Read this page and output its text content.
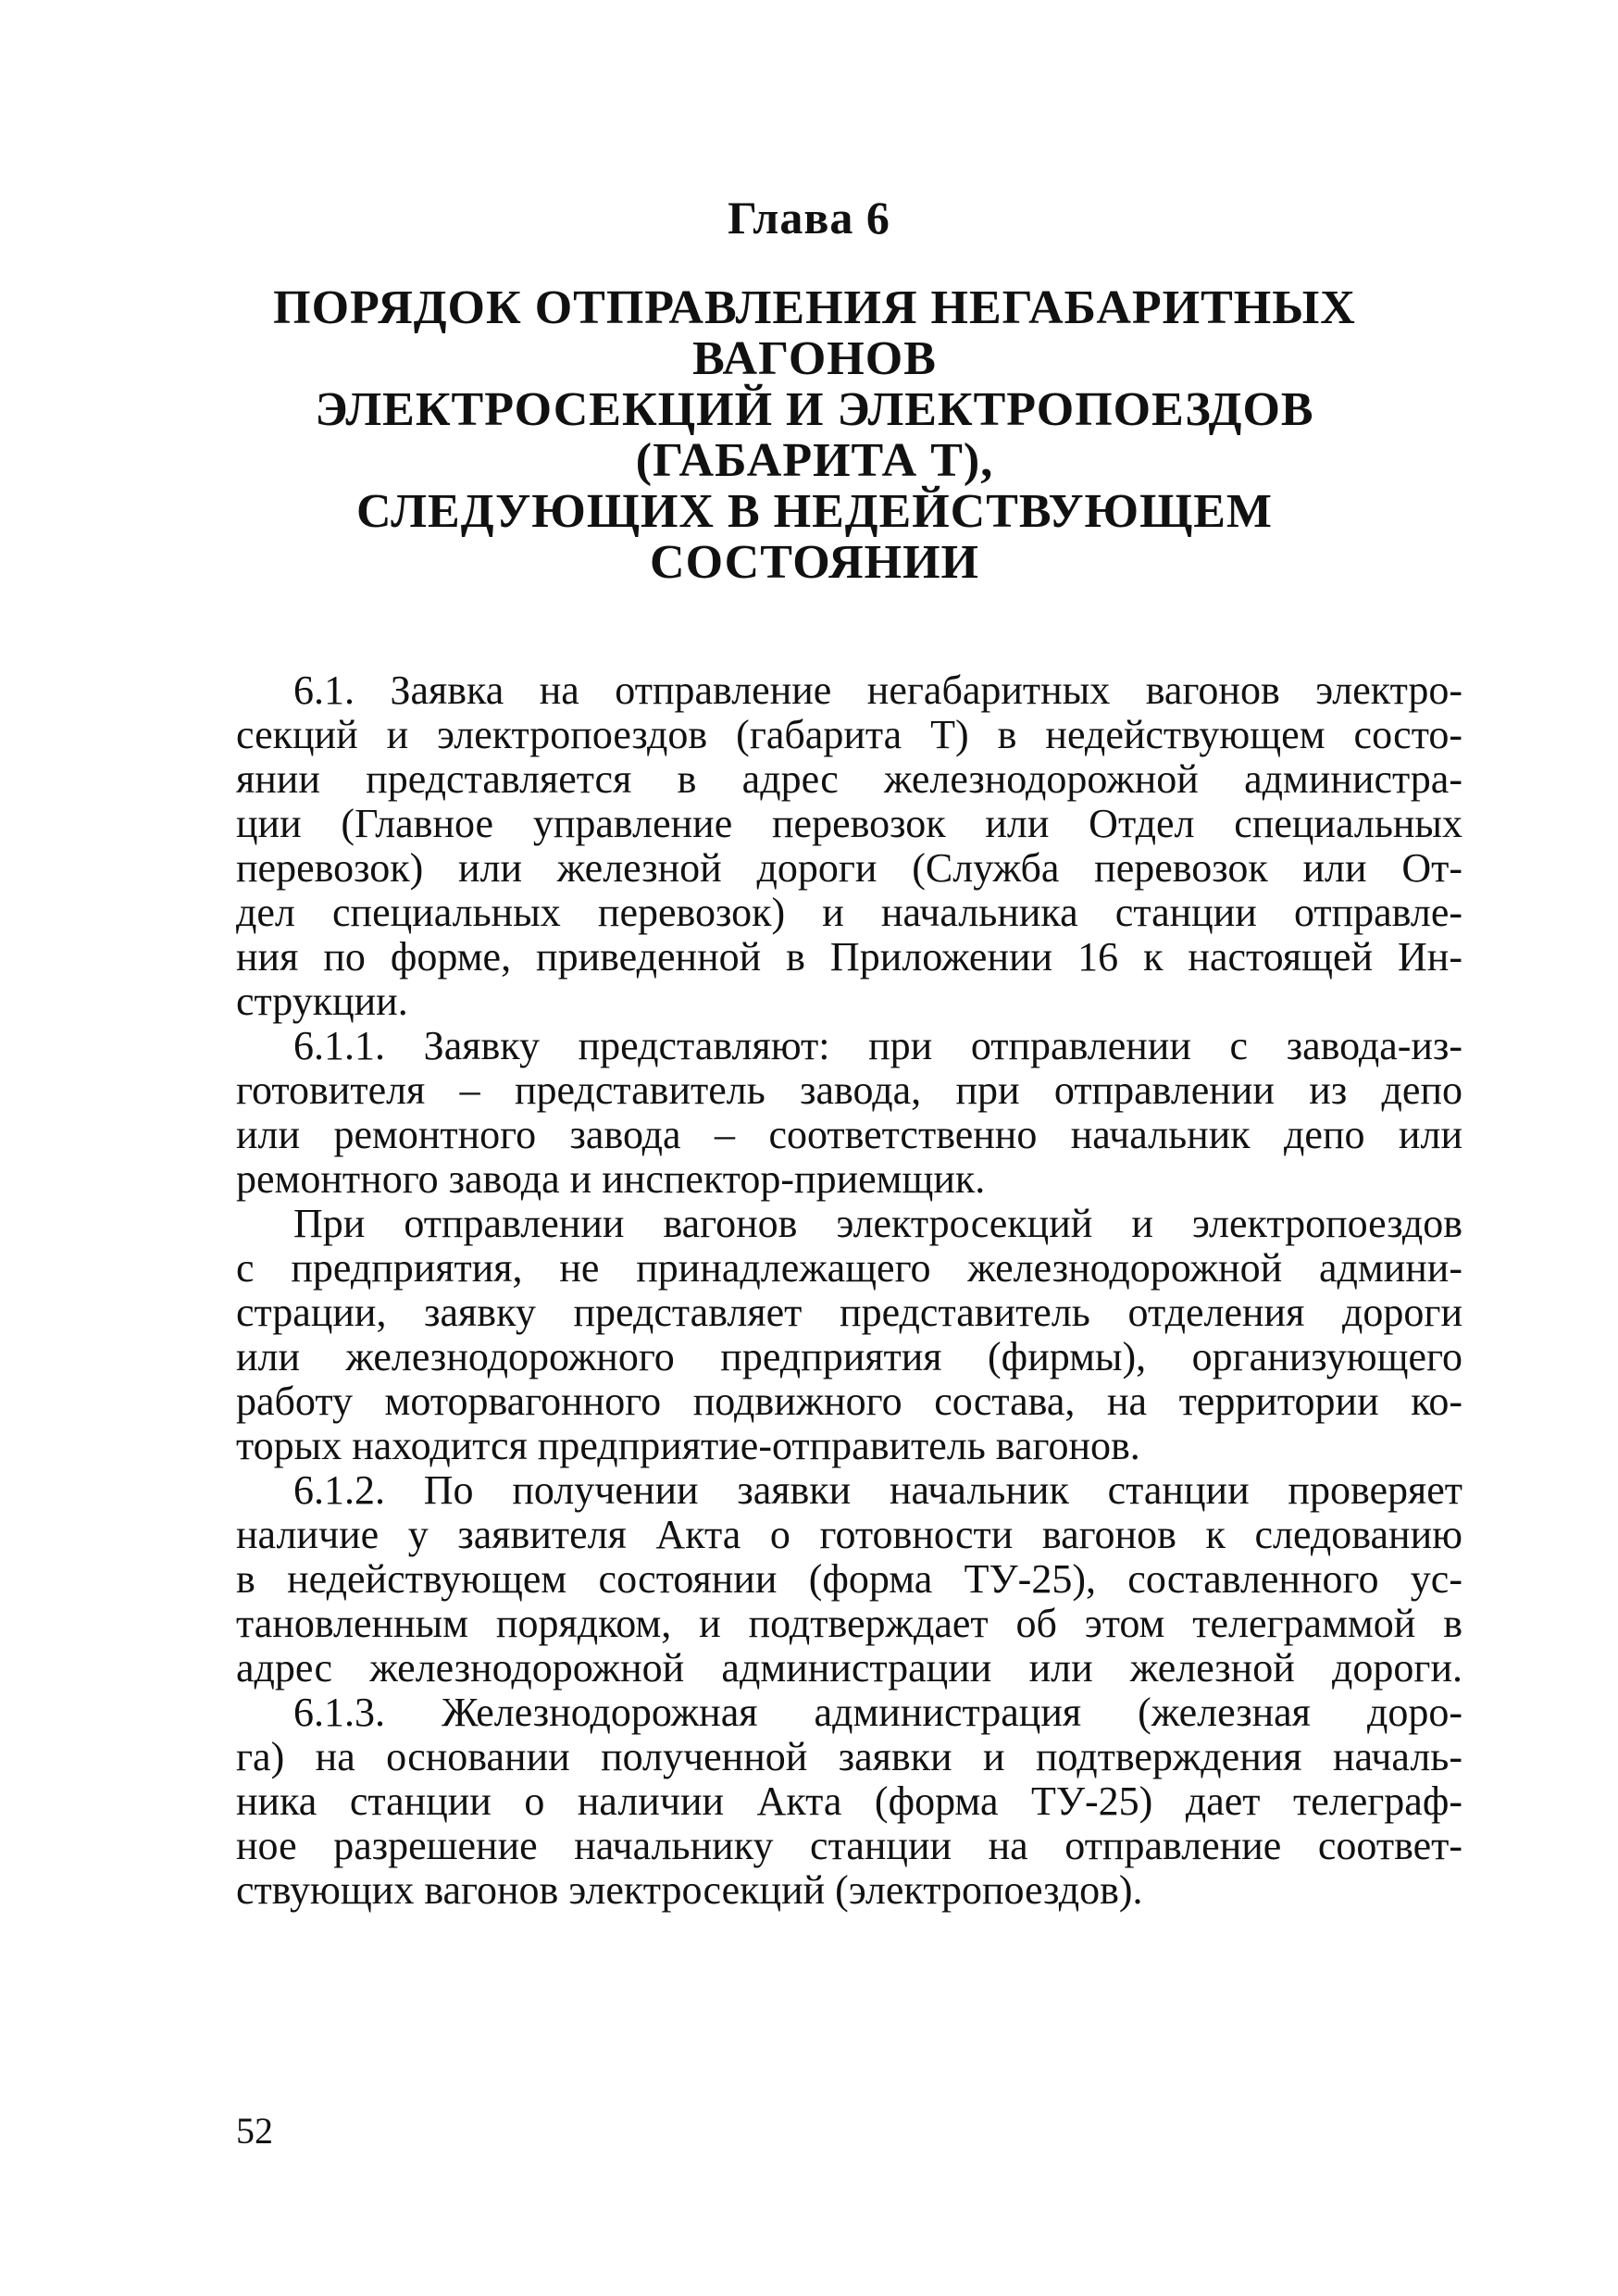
Глава 6
ПОРЯДОК ОТПРАВЛЕНИЯ НЕГАБАРИТНЫХ
ВАГОНОВ
ЭЛЕКТРОСЕКЦИЙ И ЭЛЕКТРОПОЕЗДОВ
(ГАБАРИТА Т),
СЛЕДУЮЩИХ В НЕДЕЙСТВУЮЩЕМ
СОСТОЯНИИ
6.1. Заявка на отправление негабаритных вагонов электро-
секций и электропоездов (габарита Т) в недействующем состо-
янии представляется в адрес железнодорожной администра-
ции (Главное управление перевозок или Отдел специальных
перевозок) или железной дороги (Служба перевозок или От-
дел специальных перевозок) и начальника станции отправле-
ния по форме, приведенной в Приложении 16 к настоящей Ин-
струкции.
6.1.1. Заявку представляют: при отправлении с завода-из-
готовителя – представитель завода, при отправлении из депо
или ремонтного завода – соответственно начальник депо или
ремонтного завода и инспектор-приемщик.
При отправлении вагонов электросекций и электропоездов
с предприятия, не принадлежащего железнодорожной админи-
страции, заявку представляет представитель отделения дороги
или железнодорожного предприятия (фирмы), организующего
работу моторвагонного подвижного состава, на территории ко-
торых находится предприятие-отправитель вагонов.
6.1.2. По получении заявки начальник станции проверяет
наличие у заявителя Акта о готовности вагонов к следованию
в недействующем состоянии (форма ТУ-25), составленного ус-
тановленным порядком, и подтверждает об этом телеграммой в
адрес железнодорожной администрации или железной дороги.
6.1.3. Железнодорожная администрация (железная доро-
га) на основании полученной заявки и подтверждения началь-
ника станции о наличии Акта (форма ТУ-25) дает телеграф-
ное разрешение начальнику станции на отправление соответ-
ствующих вагонов электросекций (электропоездов).
52
